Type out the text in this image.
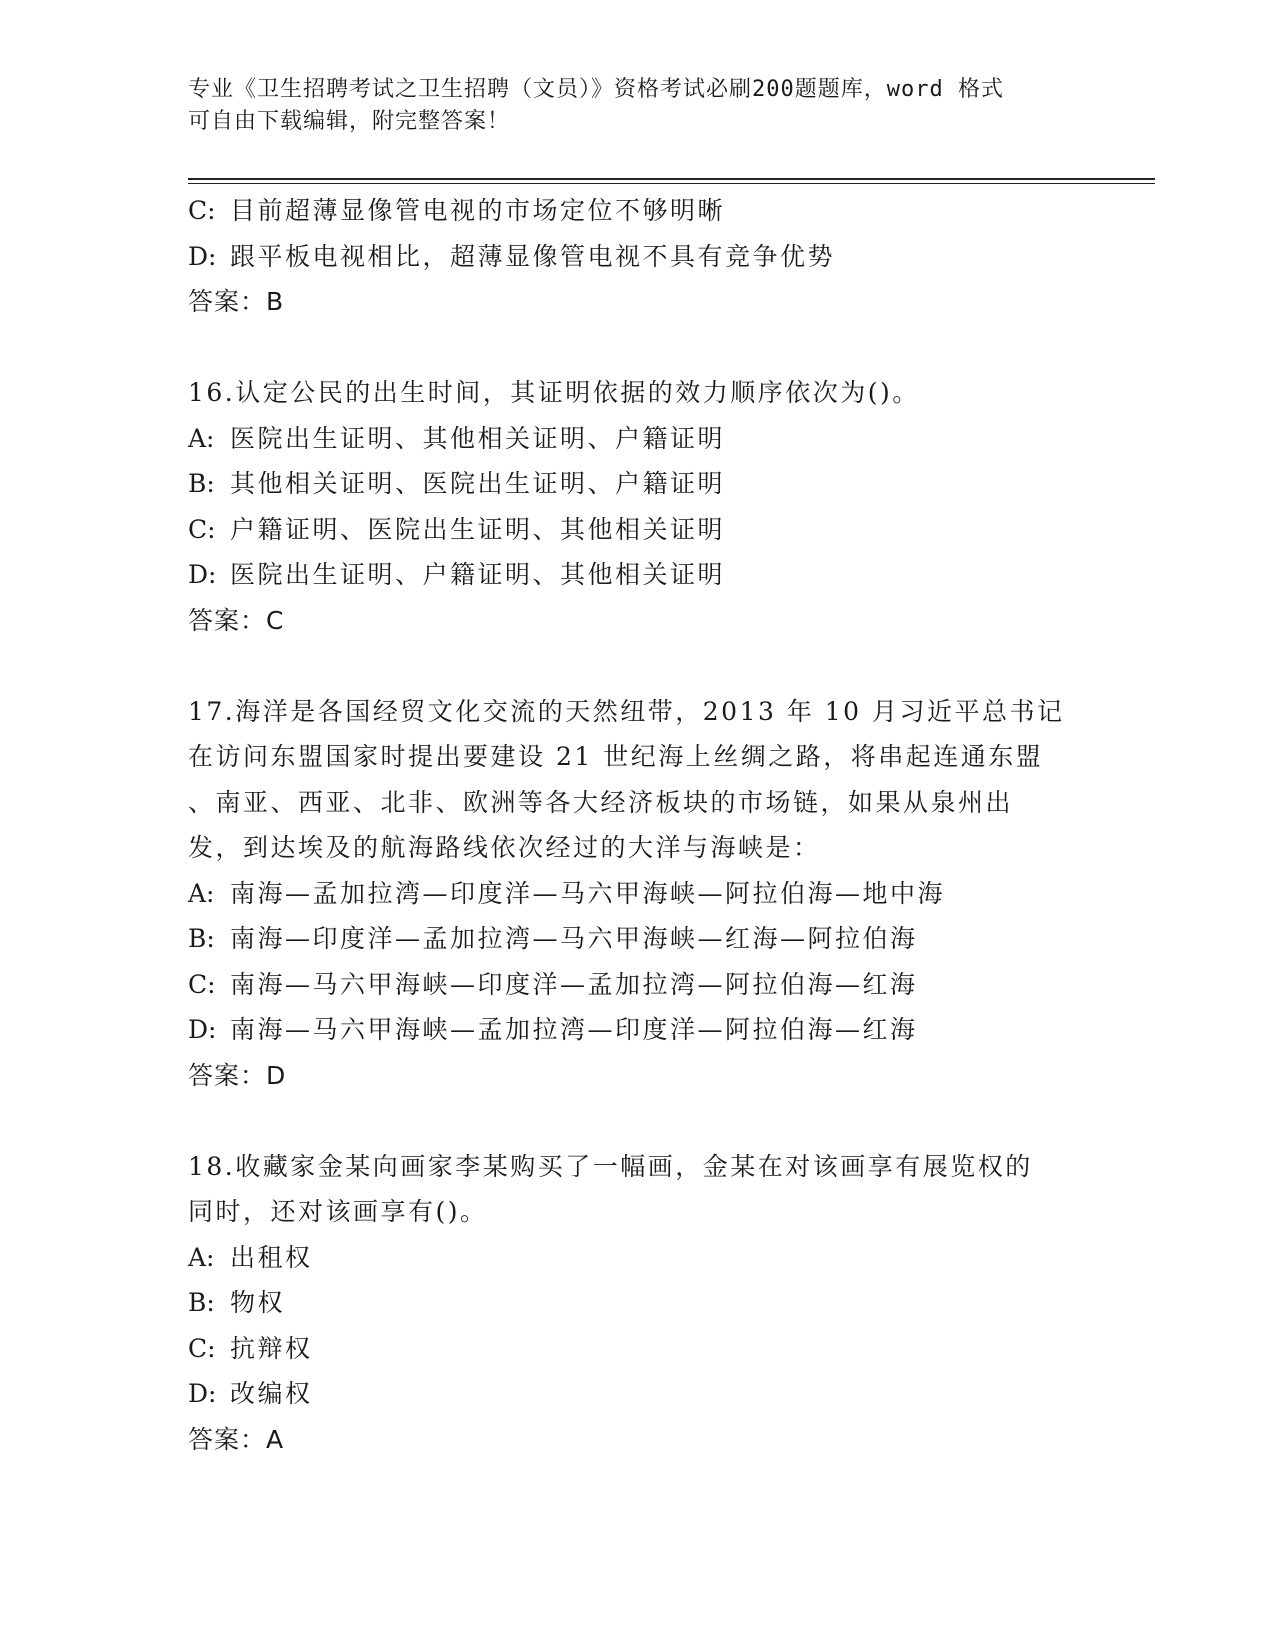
专业《卫生招聘考试之卫生招聘（文员）》资格考试必刷200题题库，word 格式
可自由下载编辑，附完整答案！
C: 目前超薄显像管电视的市场定位不够明晰
D: 跟平板电视相比，超薄显像管电视不具有竞争优势
答案：B
16.认定公民的出生时间，其证明依据的效力顺序依次为()。
A: 医院出生证明、其他相关证明、户籍证明
B: 其他相关证明、医院出生证明、户籍证明
C: 户籍证明、医院出生证明、其他相关证明
D: 医院出生证明、户籍证明、其他相关证明
答案：C
17.海洋是各国经贸文化交流的天然纽带，2013 年 10 月习近平总书记
在访问东盟国家时提出要建设 21 世纪海上丝绸之路，将串起连通东盟
、南亚、西亚、北非、欧洲等各大经济板块的市场链，如果从泉州出
发，到达埃及的航海路线依次经过的大洋与海峡是：
A: 南海—孟加拉湾—印度洋—马六甲海峡—阿拉伯海—地中海
B: 南海—印度洋—孟加拉湾—马六甲海峡—红海—阿拉伯海
C: 南海—马六甲海峡—印度洋—孟加拉湾—阿拉伯海—红海
D: 南海—马六甲海峡—孟加拉湾—印度洋—阿拉伯海—红海
答案：D
18.收藏家金某向画家李某购买了一幅画，金某在对该画享有展览权的
同时，还对该画享有()。
A: 出租权
B: 物权
C: 抗辩权
D: 改编权
答案：A
